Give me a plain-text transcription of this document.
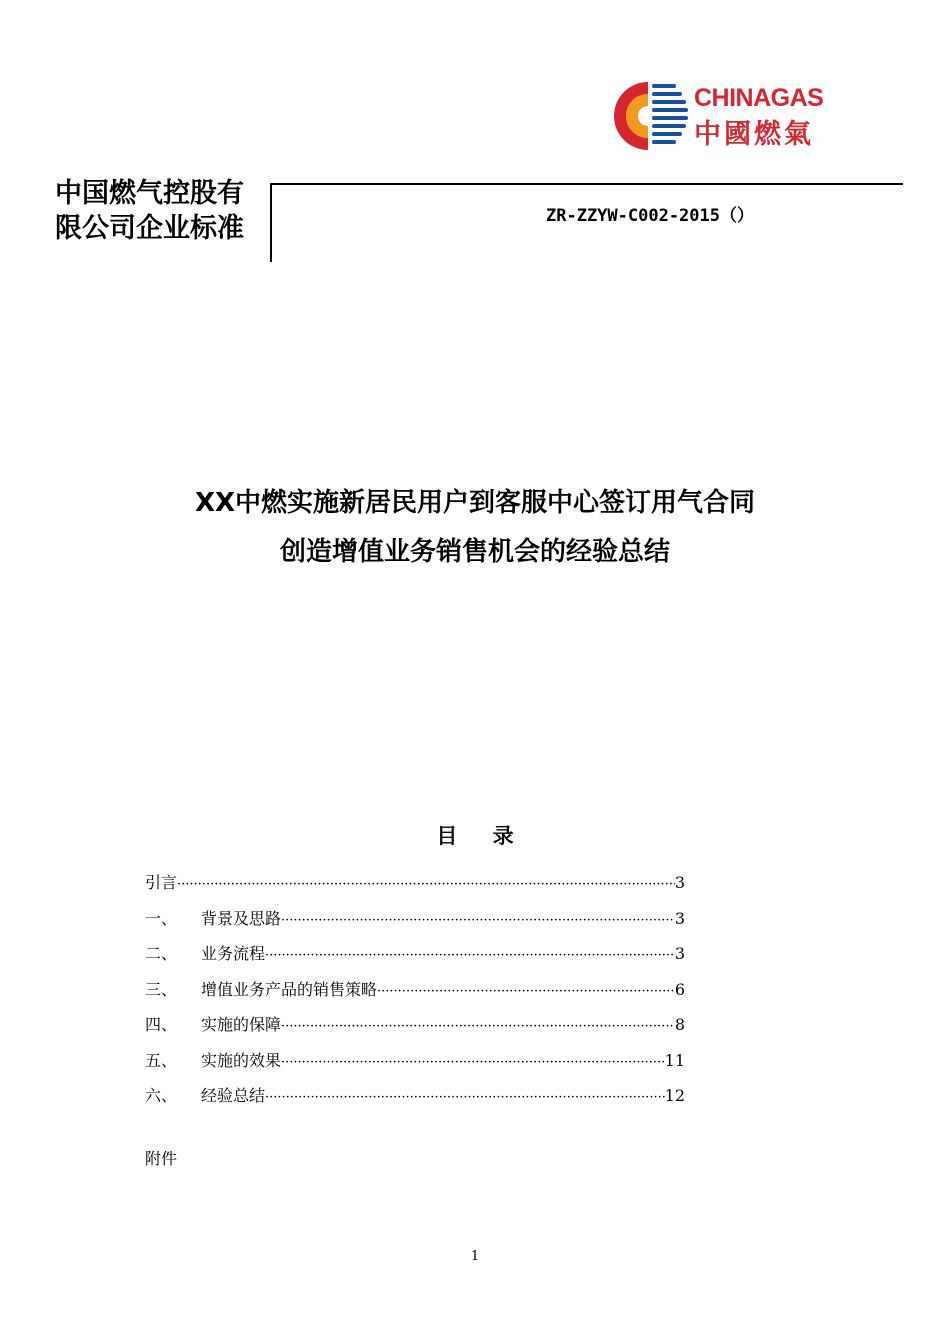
CHINAGAS
中國燃氣
中国燃气控股有限公司企业标准	ZR-ZZYW-C002-2015（）
XX中燃实施新居民用户到客服中心签订用气合同
创造增值业务销售机会的经验总结
目 录
引言 ·····	3
一、	背景及思路 ·····	3
二、	业务流程 ·····	3
三、	增值业务产品的销售策略 ·····	6
四、	实施的保障 ·····	8
五、	实施的效果 ·····	11
六、	经验总结 ·····	12
附件
1
